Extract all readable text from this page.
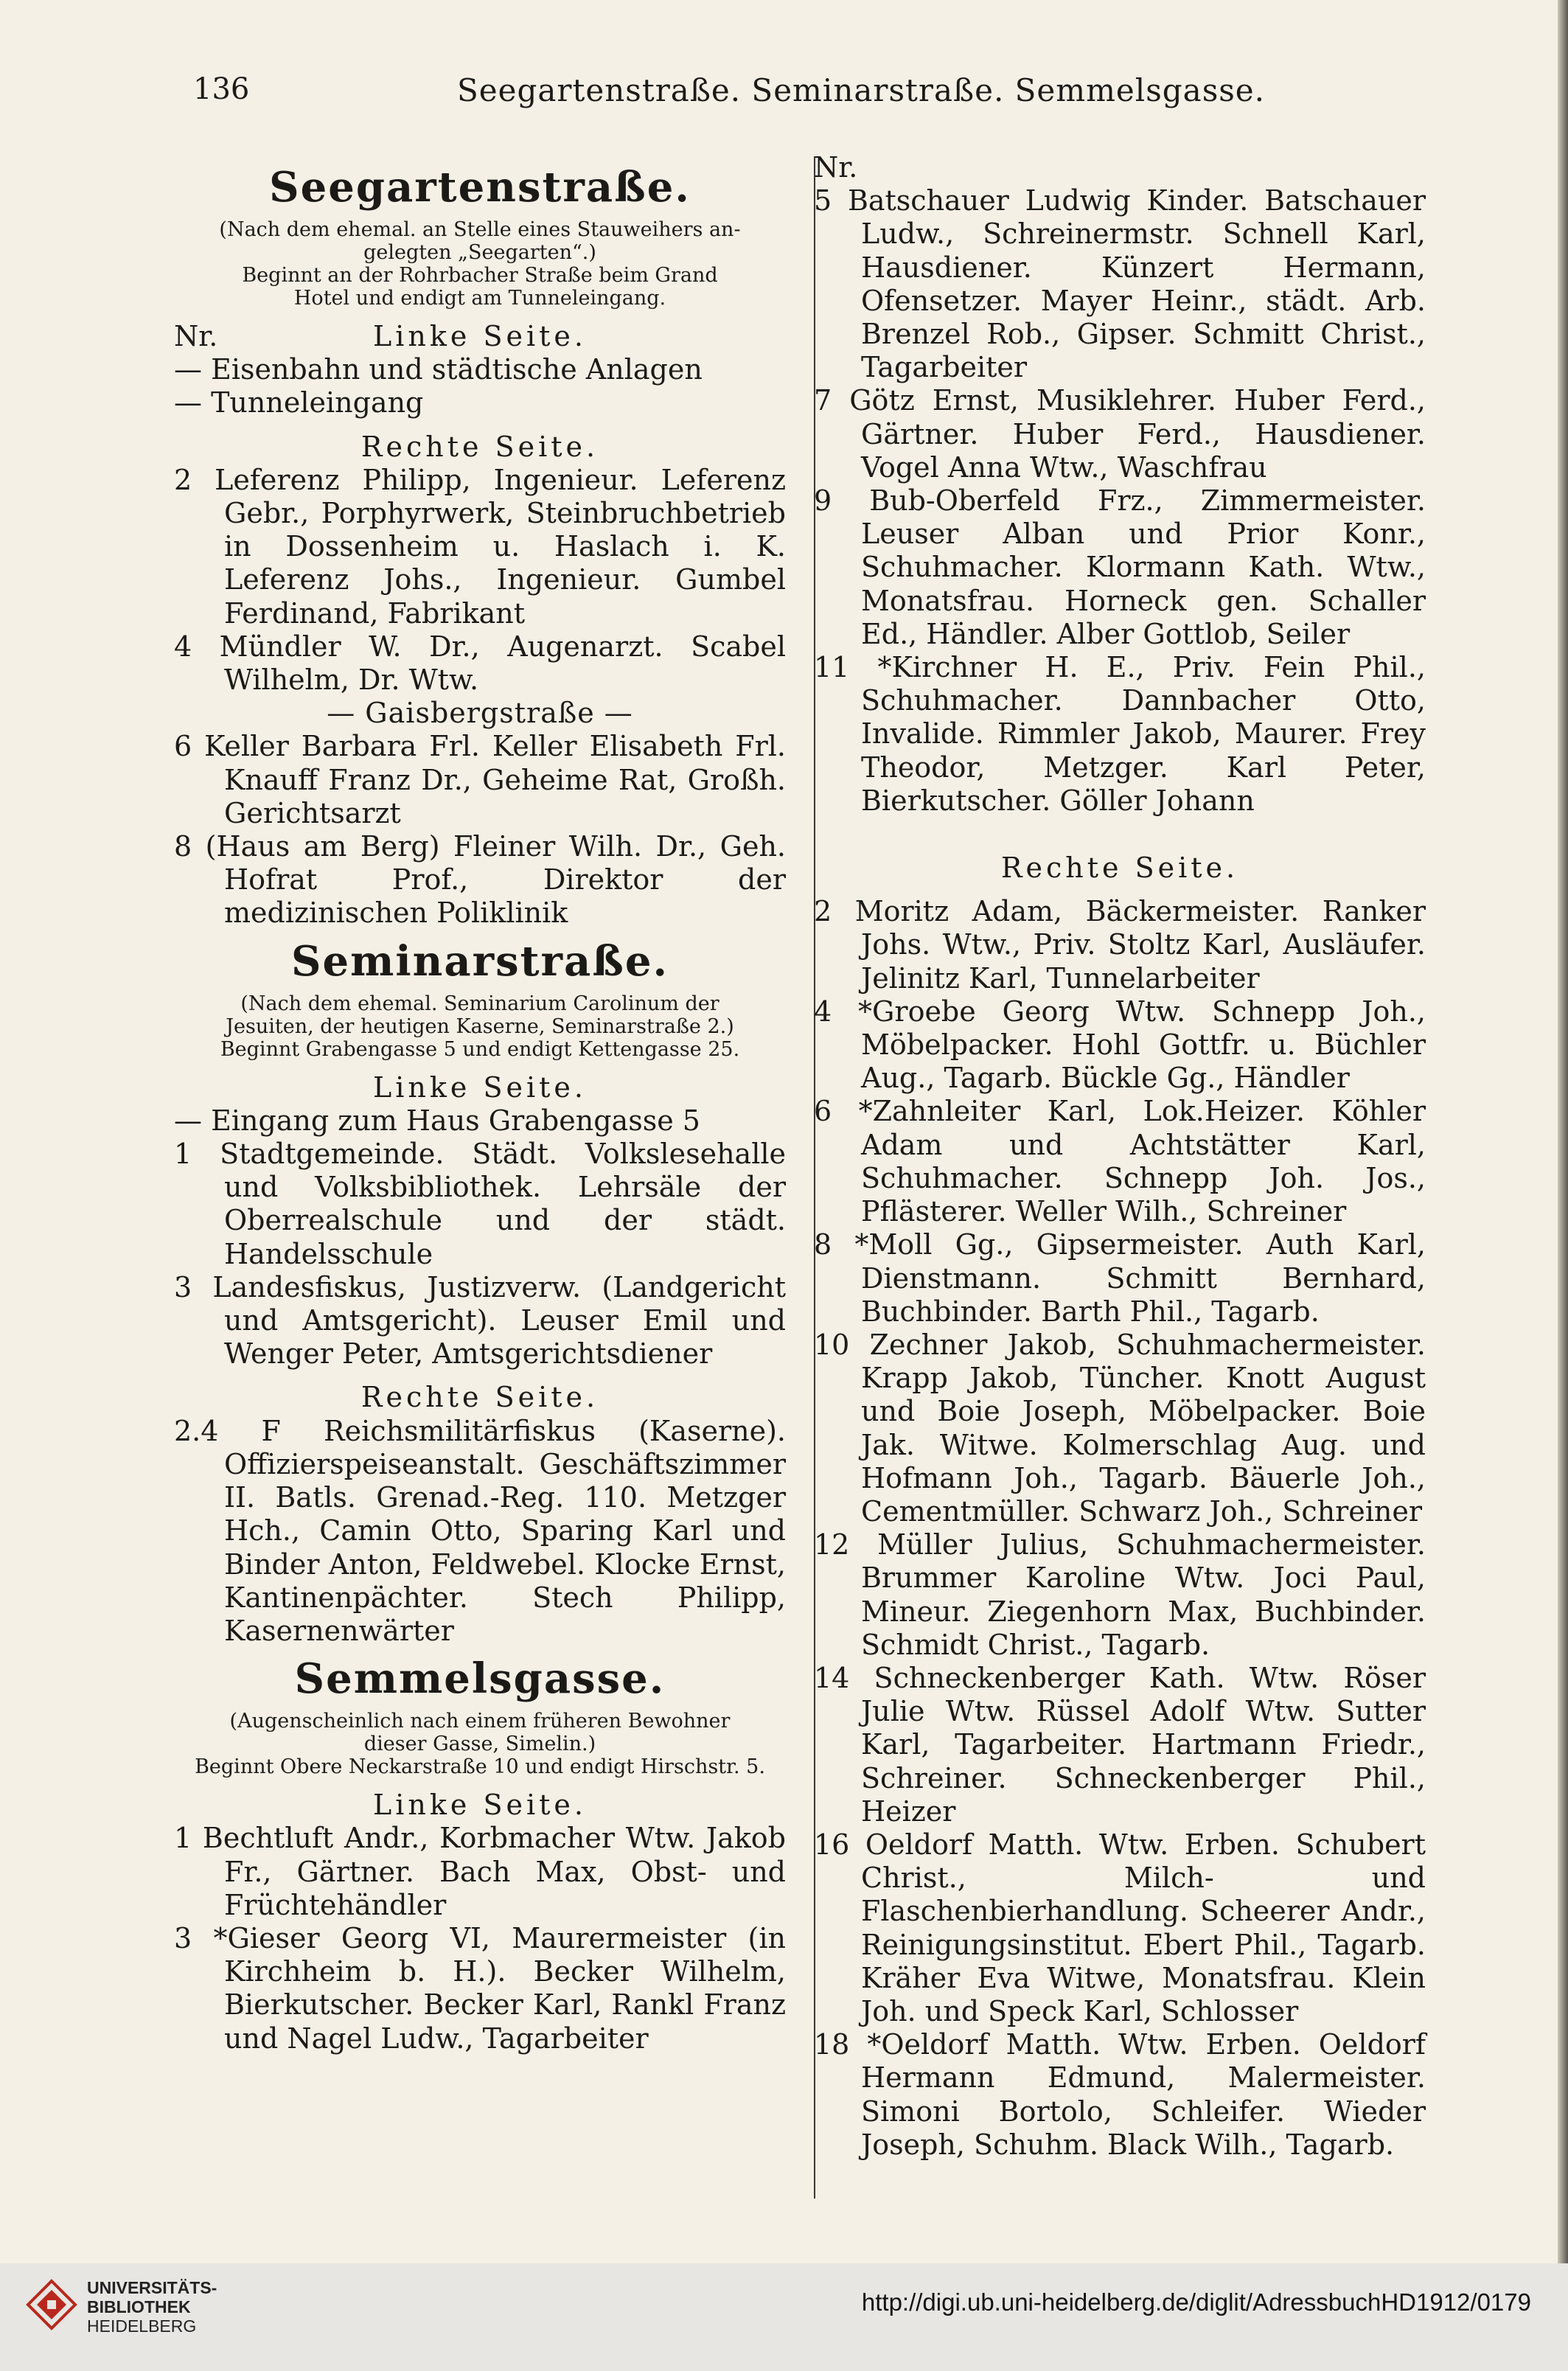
136	Seegartenstraße. Seminarstraße. Semmelsgasse.
Seegartenstraße.
(Nach dem ehemal. an Stelle eines Stauweihers an-
gelegten „Seegarten“.)
Beginnt an der Rohrbacher Straße beim Grand
Hotel und endigt am Tunneleingang.
Nr.	Linke Seite.
— Eisenbahn und städtische Anlagen
— Tunneleingang
Rechte Seite.
2 Leferenz Philipp, Ingenieur. Leferenz Gebr., Porphyrwerk, Steinbruchbetrieb in Dossenheim u. Haslach i. K. Leferenz Johs., Ingenieur. Gumbel Ferdinand, Fabrikant
4 Mündler W. Dr., Augenarzt. Scabel Wilhelm, Dr. Wtw.
— Gaisbergstraße —
6 Keller Barbara Frl. Keller Elisabeth Frl. Knauff Franz Dr., Geheime Rat, Großh. Gerichtsarzt
8 (Haus am Berg) Fleiner Wilh. Dr., Geh. Hofrat Prof., Direktor der medizinischen Poliklinik
Seminarstraße.
(Nach dem ehemal. Seminarium Carolinum der
Jesuiten, der heutigen Kaserne, Seminarstraße 2.)
Beginnt Grabengasse 5 und endigt Kettengasse 25.
Linke Seite.
— Eingang zum Haus Grabengasse 5
1 Stadtgemeinde. Städt. Volkslesehalle und Volksbibliothek. Lehrsäle der Oberrealschule und der städt. Handelsschule
3 Landesfiskus, Justizverw. (Landgericht und Amtsgericht). Leuser Emil und Wenger Peter, Amtsgerichtsdiener
Rechte Seite.
2.4 F Reichsmilitärfiskus (Kaserne). Offizierspeiseanstalt. Geschäftszimmer II. Batls. Grenad.-Reg. 110. Metzger Hch., Camin Otto, Sparing Karl und Binder Anton, Feldwebel. Klocke Ernst, Kantinenpächter. Stech Philipp, Kasernenwärter
Semmelsgasse.
(Augenscheinlich nach einem früheren Bewohner
dieser Gasse, Simelin.)
Beginnt Obere Neckarstraße 10 und endigt Hirschstr. 5.
Linke Seite.
1 Bechtluft Andr., Korbmacher Wtw. Jakob Fr., Gärtner. Bach Max, Obst- und Früchtehändler
3 *Gieser Georg VI, Maurermeister (in Kirchheim b. H.). Becker Wilhelm, Bierkutscher. Becker Karl, Rankl Franz und Nagel Ludw., Tagarbeiter
Nr.
5 Batschauer Ludwig Kinder. Batschauer Ludw., Schreinermstr. Schnell Karl, Hausdiener. Künzert Hermann, Ofensetzer. Mayer Heinr., städt. Arb. Brenzel Rob., Gipser. Schmitt Christ., Tagarbeiter
7 Götz Ernst, Musiklehrer. Huber Ferd., Gärtner. Huber Ferd., Hausdiener. Vogel Anna Wtw., Waschfrau
9 Bub-Oberfeld Frz., Zimmermeister. Leuser Alban und Prior Konr., Schuhmacher. Klormann Kath. Wtw., Monatsfrau. Horneck gen. Schaller Ed., Händler. Alber Gottlob, Seiler
11 *Kirchner H. E., Priv. Fein Phil., Schuhmacher. Dannbacher Otto, Invalide. Rimmler Jakob, Maurer. Frey Theodor, Metzger. Karl Peter, Bierkutscher. Göller Johann
Rechte Seite.
2 Moritz Adam, Bäckermeister. Ranker Johs. Wtw., Priv. Stoltz Karl, Ausläufer. Jelinitz Karl, Tunnelarbeiter
4 *Groebe Georg Wtw. Schnepp Joh., Möbelpacker. Hohl Gottfr. u. Büchler Aug., Tagarb. Bückle Gg., Händler
6 *Zahnleiter Karl, Lok.Heizer. Köhler Adam und Achtstätter Karl, Schuhmacher. Schnepp Joh. Jos., Pflästerer. Weller Wilh., Schreiner
8 *Moll Gg., Gipsermeister. Auth Karl, Dienstmann. Schmitt Bernhard, Buchbinder. Barth Phil., Tagarb.
10 Zechner Jakob, Schuhmachermeister. Krapp Jakob, Tüncher. Knott August und Boie Joseph, Möbelpacker. Boie Jak. Witwe. Kolmerschlag Aug. und Hofmann Joh., Tagarb. Bäuerle Joh., Cementmüller. Schwarz Joh., Schreiner
12 Müller Julius, Schuhmachermeister. Brummer Karoline Wtw. Joci Paul, Mineur. Ziegenhorn Max, Buchbinder. Schmidt Christ., Tagarb.
14 Schneckenberger Kath. Wtw. Röser Julie Wtw. Rüssel Adolf Wtw. Sutter Karl, Tagarbeiter. Hartmann Friedr., Schreiner. Schneckenberger Phil., Heizer
16 Oeldorf Matth. Wtw. Erben. Schubert Christ., Milch- und Flaschenbierhandlung. Scheerer Andr., Reinigungsinstitut. Ebert Phil., Tagarb. Kräher Eva Witwe, Monatsfrau. Klein Joh. und Speck Karl, Schlosser
18 *Oeldorf Matth. Wtw. Erben. Oeldorf Hermann Edmund, Malermeister. Simoni Bortolo, Schleifer. Wieder Joseph, Schuhm. Black Wilh., Tagarb.
UNIVERSITÄTS-
BIBLIOTHEK
HEIDELBERG
http://digi.ub.uni-heidelberg.de/diglit/AdressbuchHD1912/0179
